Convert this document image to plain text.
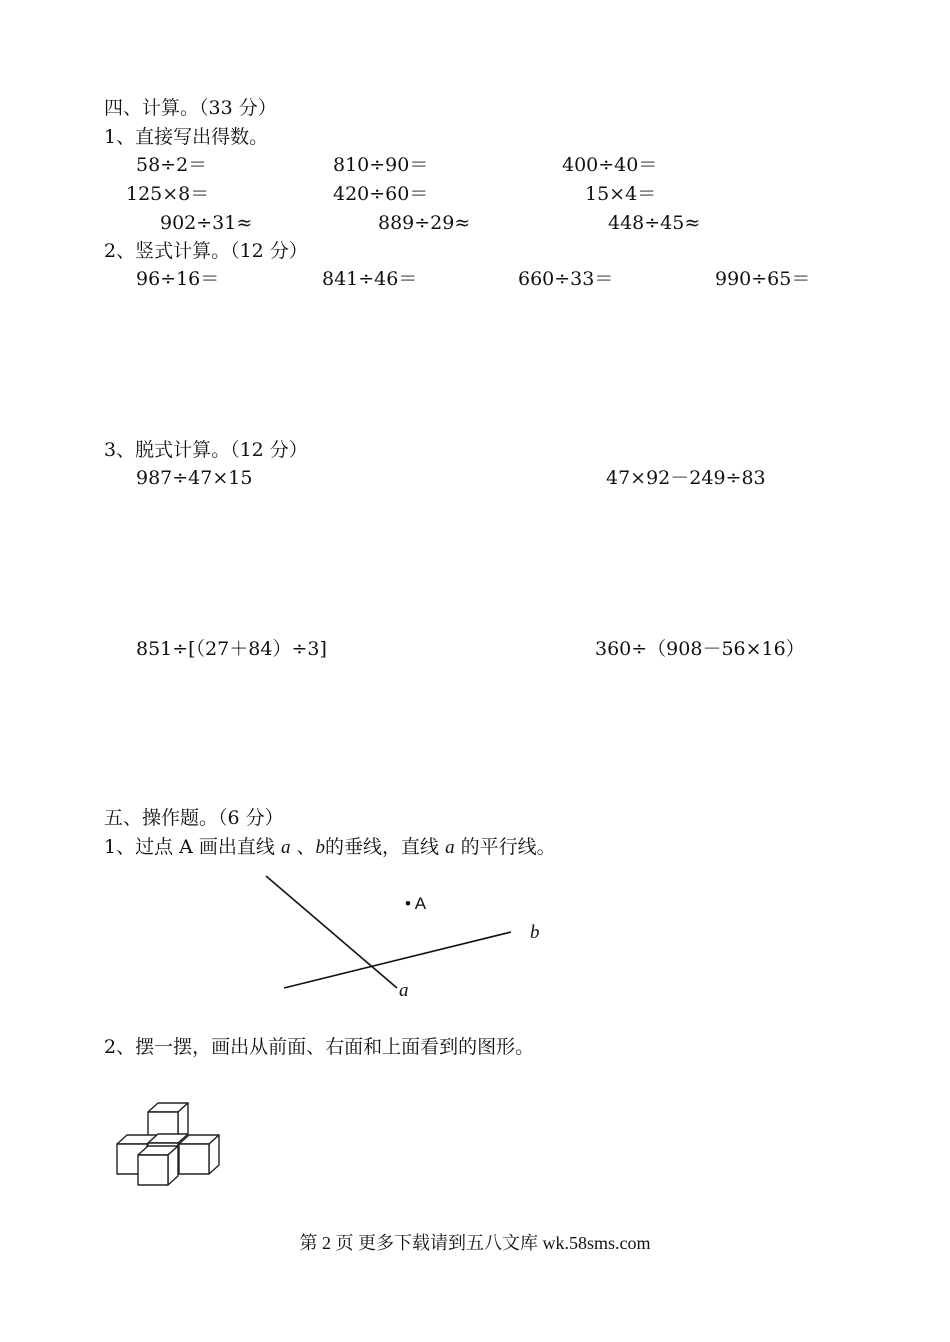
四、计算。（33 分）
1、直接写出得数。
58÷2＝	810÷90＝	400÷40＝
125×8＝	420÷60＝	15×4＝
902÷31≈	889÷29≈	448÷45≈
2、竖式计算。（12 分）
96÷16＝	841÷46＝	660÷33＝	990÷65＝
3、脱式计算。（12 分）
987÷47×15	47×92－249÷83
851÷[（27＋84）÷3]	360÷（908－56×16）
五、操作题。（6 分）
1、过点 A 画出直线 a 、b的垂线，直线 a 的平行线。
• A
b
a
2、摆一摆，画出从前面、右面和上面看到的图形。
第 2 页 更多下载请到五八文库 wk.58sms.com
